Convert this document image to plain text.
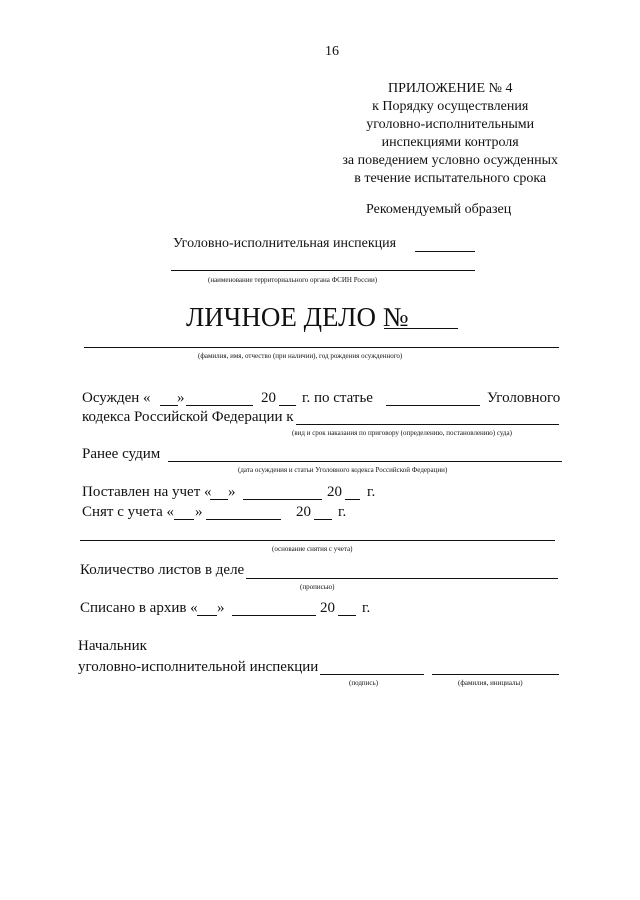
16
ПРИЛОЖЕНИЕ № 4
к Порядку осуществления
уголовно-исполнительными
инспекциями контроля
за поведением условно осужденных
в течение испытательного срока
Рекомендуемый образец
Уголовно-исполнительная инспекция
(наименование территориального органа ФСИН России)
ЛИЧНОЕ ДЕЛО №
(фамилия, имя, отчество (при наличии), год рождения осужденного)
Осужден « »	20 г. по статье	Уголовного
кодекса Российской Федерации к
(вид и срок наказания по приговору (определению, постановлению) суда)
Ранее судим
(дата осуждения и статьи Уголовного кодекса Российской Федерации)
Поставлен на учет « »	20 г.
Снят с учета « »	20 г.
(основание снятия с учета)
Количество листов в деле
(прописью)
Списано в архив « »	20 г.
Начальник
уголовно-исполнительной инспекции
(подпись)	(фамилия, инициалы)
